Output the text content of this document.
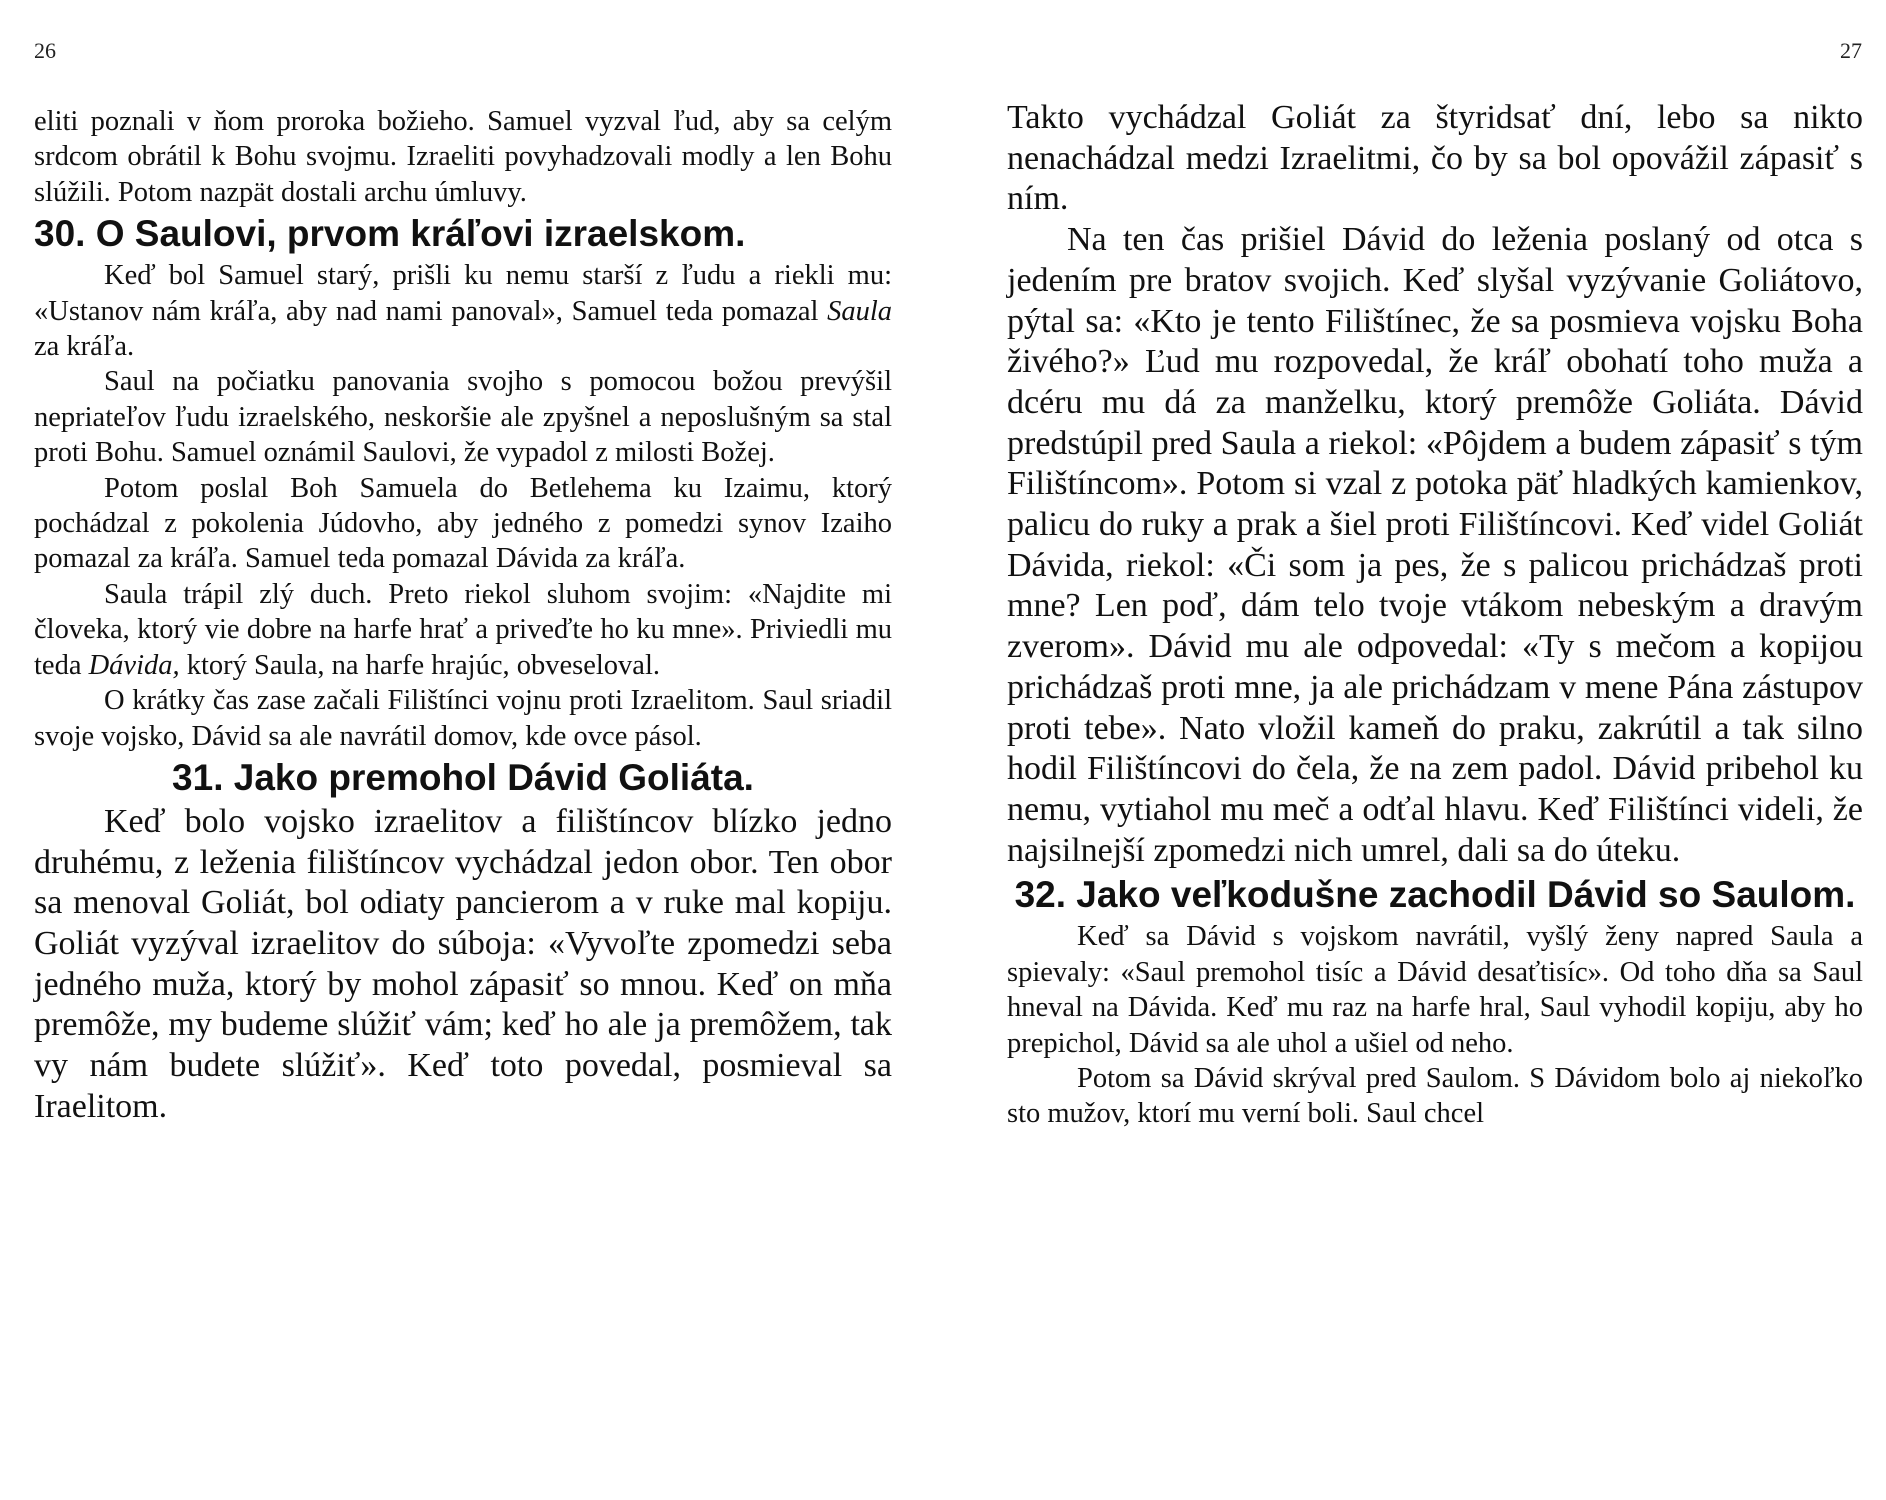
26

eliti poznali v ňom proroka božieho. Samuel vyzval ľud, aby sa celým srdcom obrátil k Bohu svojmu. Izraeliti povyhadzovali modly a len Bohu slúžili. Potom nazpät dostali archu úmluvy.

30. O Saulovi, prvom kráľovi izraelskom.

Keď bol Samuel starý, prišli ku nemu starší z ľudu a riekli mu: «Ustanov nám kráľa, aby nad nami panoval», Samuel teda pomazal Saula za kráľa.

Saul na počiatku panovania svojho s pomocou božou prevýšil nepriateľov ľudu izraelského, neskoršie ale zpyšnel a neposlušným sa stal proti Bohu. Samuel oznámil Saulovi, že vypadol z milosti Božej.

Potom poslal Boh Samuela do Betlehema ku Izaimu, ktorý pochádzal z pokolenia Júdovho, aby jedného z pomedzi synov Izaiho pomazal za kráľa. Samuel teda pomazal Dávida za kráľa.

Saula trápil zlý duch. Preto riekol sluhom svojim: «Najdite mi človeka, ktorý vie dobre na harfe hrať a priveďte ho ku mne». Priviedli mu teda Dávida, ktorý Saula, na harfe hrajúc, obveseloval.

O krátky čas zase začali Filištínci vojnu proti Izraelitom. Saul sriadil svoje vojsko, Dávid sa ale navrátil domov, kde ovce pásol.

31. Jako premohol Dávid Goliáta.

Keď bolo vojsko izraelitov a filištíncov blízko jedno druhému, z leženia filištíncov vychádzal jedon obor. Ten obor sa menoval Goliát, bol odiaty pancierom a v ruke mal kopiju. Goliát vyzýval izraelitov do súboja: «Vyvoľte zpomedzi seba jedného muža, ktorý by mohol zápasiť so mnou. Keď on mňa premôže, my budeme slúžiť vám; keď ho ale ja premôžem, tak vy nám budete slúžiť». Keď toto povedal, posmieval sa Iraelitom.

27

Takto vychádzal Goliát za štyridsať dní, lebo sa nikto nenachádzal medzi Izraelitmi, čo by sa bol opovážil zápasiť s ním.

Na ten čas prišiel Dávid do leženia poslaný od otca s jedením pre bratov svojich. Keď slyšal vyzývanie Goliátovo, pýtal sa: «Kto je tento Filištínec, že sa posmieva vojsku Boha živého?» Ľud mu rozpovedal, že kráľ obohatí toho muža a dcéru mu dá za manželku, ktorý premôže Goliáta. Dávid predstúpil pred Saula a riekol: «Pôjdem a budem zápasiť s tým Filištíncom». Potom si vzal z potoka päť hladkých kamienkov, palicu do ruky a prak a šiel proti Filištíncovi. Keď videl Goliát Dávida, riekol: «Či som ja pes, že s palicou prichádzaš proti mne? Len poď, dám telo tvoje vtákom nebeským a dravým zverom». Dávid mu ale odpovedal: «Ty s mečom a kopijou prichádzaš proti mne, ja ale prichádzam v mene Pána zástupov proti tebe». Nato vložil kameň do praku, zakrútil a tak silno hodil Filištíncovi do čela, že na zem padol. Dávid pribehol ku nemu, vytiahol mu meč a odťal hlavu. Keď Filištínci videli, že najsilnejší zpomedzi nich umrel, dali sa do úteku.

32. Jako veľkodušne zachodil Dávid so Saulom.

Keď sa Dávid s vojskom navrátil, vyšlý ženy napred Saula a spievaly: «Saul premohol tisíc a Dávid desaťtisíc». Od toho dňa sa Saul hneval na Dávida. Keď mu raz na harfe hral, Saul vyhodil kopiju, aby ho prepichol, Dávid sa ale uhol a ušiel od neho.

Potom sa Dávid skrýval pred Saulom. S Dávidom bolo aj niekoľko sto mužov, ktorí mu verní boli. Saul chcel
